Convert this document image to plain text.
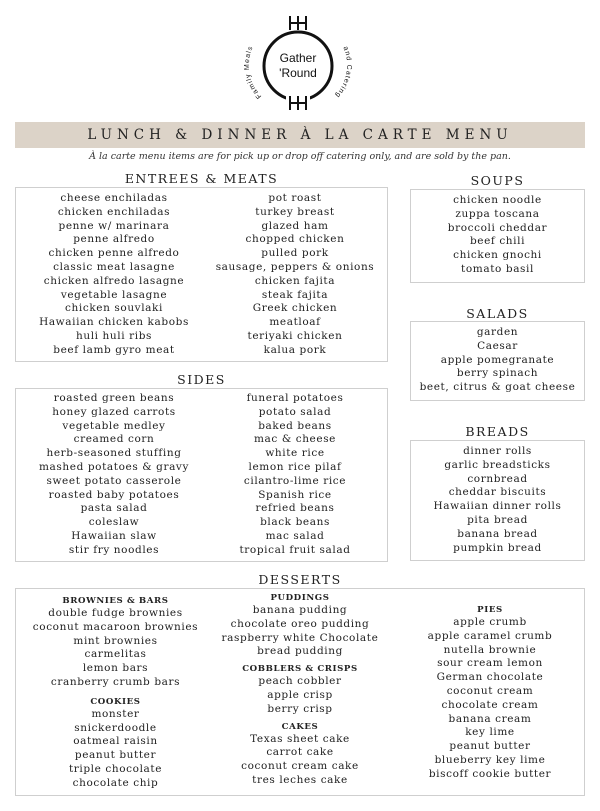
Gather
'Round
Family Meals	and Catering
LUNCH & DINNER À LA CARTE MENU
À la carte menu items are for pick up or drop off catering only, and are sold by the pan.
ENTREES & MEATS
cheese enchiladas
chicken enchiladas
penne w/ marinara
penne alfredo
chicken penne alfredo
classic meat lasagne
chicken alfredo lasagne
vegetable lasagne
chicken souvlaki
Hawaiian chicken kabobs
huli huli ribs
beef lamb gyro meat
pot roast
turkey breast
glazed ham
chopped chicken
pulled pork
sausage, peppers & onions
chicken fajita
steak fajita
Greek chicken
meatloaf
teriyaki chicken
kalua pork
SOUPS
chicken noodle
zuppa toscana
broccoli cheddar
beef chili
chicken gnochi
tomato basil
SALADS
garden
Caesar
apple pomegranate
berry spinach
beet, citrus & goat cheese
SIDES
roasted green beans
honey glazed carrots
vegetable medley
creamed corn
herb-seasoned stuffing
mashed potatoes & gravy
sweet potato casserole
roasted baby potatoes
pasta salad
coleslaw
Hawaiian slaw
stir fry noodles
funeral potatoes
potato salad
baked beans
mac & cheese
white rice
lemon rice pilaf
cilantro-lime rice
Spanish rice
refried beans
black beans
mac salad
tropical fruit salad
BREADS
dinner rolls
garlic breadsticks
cornbread
cheddar biscuits
Hawaiian dinner rolls
pita bread
banana bread
pumpkin bread
DESSERTS
BROWNIES & BARS
double fudge brownies
coconut macaroon brownies
mint brownies
carmelitas
lemon bars
cranberry crumb bars
COOKIES
monster
snickerdoodle
oatmeal raisin
peanut butter
triple chocolate
chocolate chip
PUDDINGS
banana pudding
chocolate oreo pudding
raspberry white Chocolate
bread pudding
COBBLERS & CRISPS
peach cobbler
apple crisp
berry crisp
CAKES
Texas sheet cake
carrot cake
coconut cream cake
tres leches cake
PIES
apple crumb
apple caramel crumb
nutella brownie
sour cream lemon
German chocolate
coconut cream
chocolate cream
banana cream
key lime
peanut butter
blueberry key lime
biscoff cookie butter
